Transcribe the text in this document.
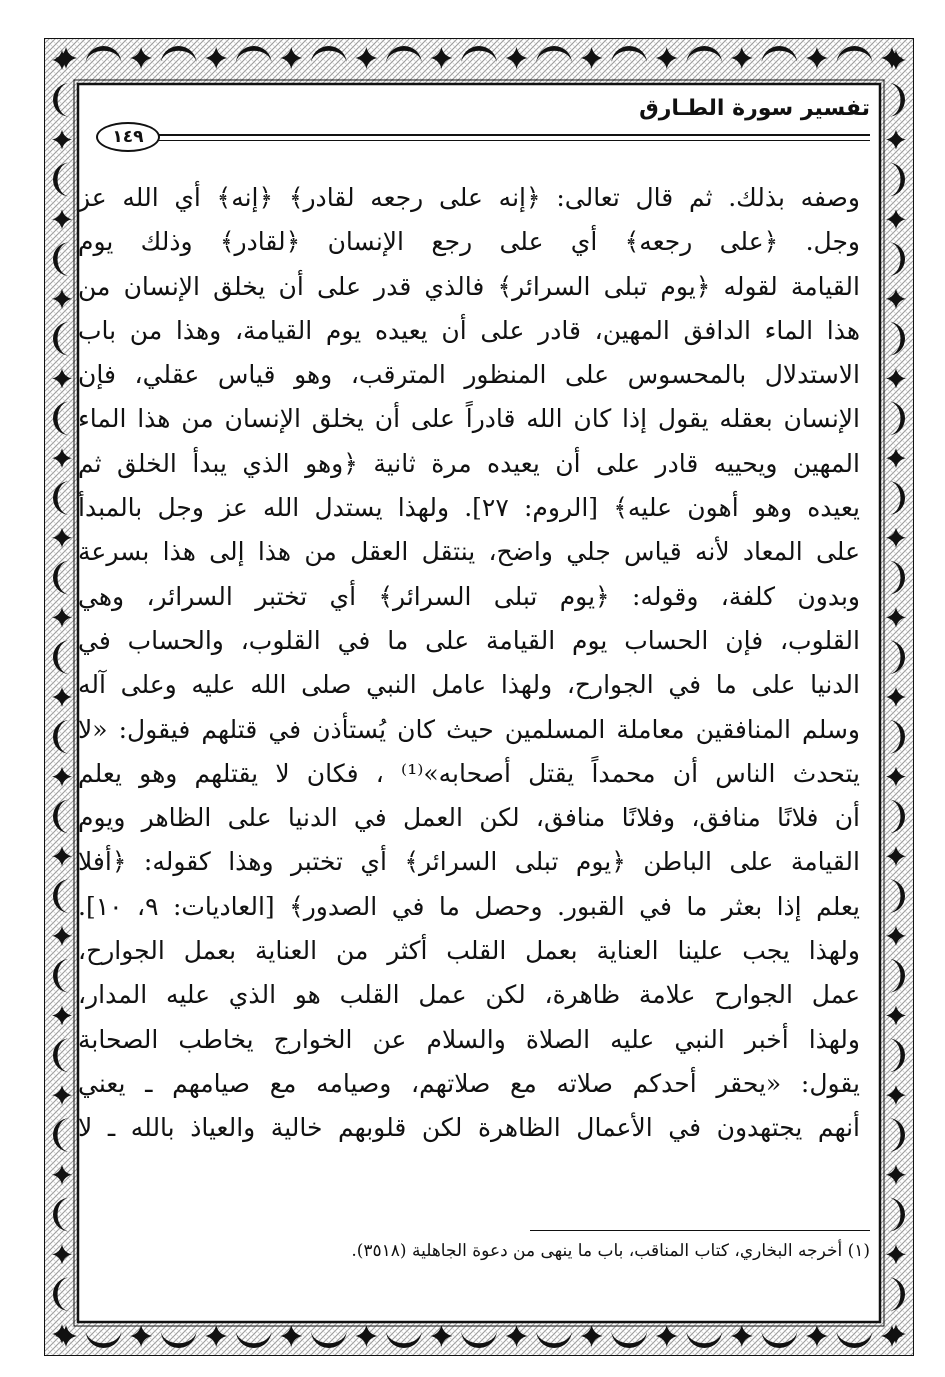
تفسير سورة الطـارق
١٤٩
وصفه بذلك. ثم قال تعالى: ﴿إنه على رجعه لقادر﴾ ﴿إنه﴾ أي الله عز
وجل. ﴿على رجعه﴾ أي على رجع الإنسان ﴿لقادر﴾ وذلك يوم
القيامة لقوله ﴿يوم تبلى السرائر﴾ فالذي قدر على أن يخلق الإنسان من
هذا الماء الدافق المهين، قادر على أن يعيده يوم القيامة، وهذا من باب
الاستدلال بالمحسوس على المنظور المترقب، وهو قياس عقلي، فإن
الإنسان بعقله يقول إذا كان الله قادراً على أن يخلق الإنسان من هذا الماء
المهين ويحييه قادر على أن يعيده مرة ثانية ﴿وهو الذي يبدأ الخلق ثم
يعيده وهو أهون عليه﴾ [الروم: ٢٧]. ولهذا يستدل الله عز وجل بالمبدأ
على المعاد لأنه قياس جلي واضح، ينتقل العقل من هذا إلى هذا بسرعة
وبدون كلفة، وقوله: ﴿يوم تبلى السرائر﴾ أي تختبر السرائر، وهي
القلوب، فإن الحساب يوم القيامة على ما في القلوب، والحساب في
الدنيا على ما في الجوارح، ولهذا عامل النبي صلى الله عليه وعلى آله
وسلم المنافقين معاملة المسلمين حيث كان يُستأذن في قتلهم فيقول: «لا
يتحدث الناس أن محمداً يقتل أصحابه»⁽¹⁾ ، فكان لا يقتلهم وهو يعلم
أن فلانًا منافق، وفلانًا منافق، لكن العمل في الدنيا على الظاهر ويوم
القيامة على الباطن ﴿يوم تبلى السرائر﴾ أي تختبر وهذا كقوله: ﴿أفلا
يعلم إذا بعثر ما في القبور. وحصل ما في الصدور﴾ [العاديات: ٩، ١٠].
ولهذا يجب علينا العناية بعمل القلب أكثر من العناية بعمل الجوارح،
عمل الجوارح علامة ظاهرة، لكن عمل القلب هو الذي عليه المدار،
ولهذا أخبر النبي عليه الصلاة والسلام عن الخوارج يخاطب الصحابة
يقول: «يحقر أحدكم صلاته مع صلاتهم، وصيامه مع صيامهم ـ يعني
أنهم يجتهدون في الأعمال الظاهرة لكن قلوبهم خالية والعياذ بالله ـ لا
(١) أخرجه البخاري، كتاب المناقب، باب ما ينهى من دعوة الجاهلية (٣٥١٨).
